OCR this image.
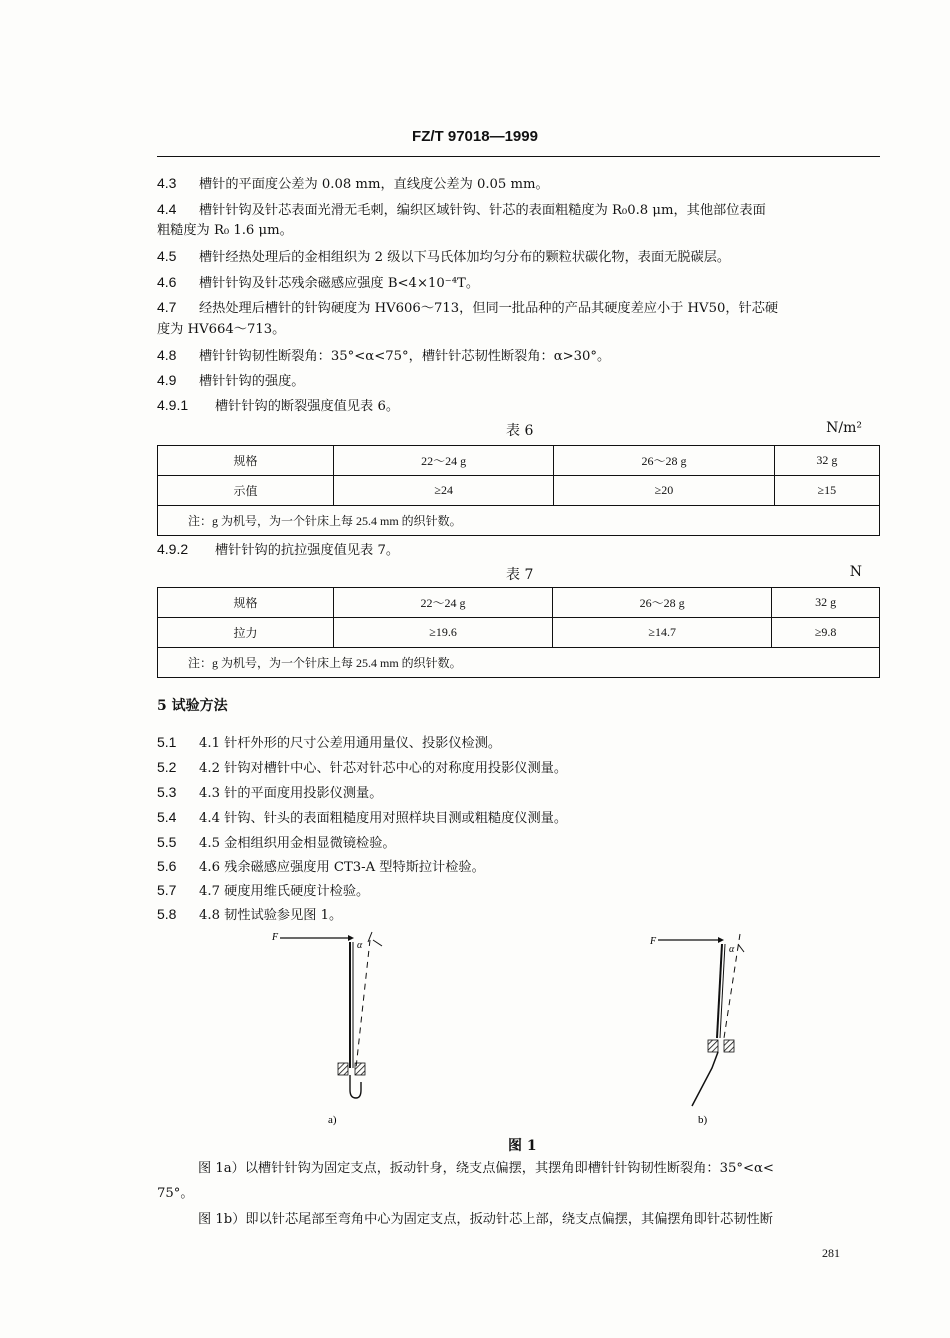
FZ/T 97018—1999
4.3 槽针的平面度公差为 0.08 mm，直线度公差为 0.05 mm。
4.4 槽针针钩及针芯表面光滑无毛刺，编织区域针钩、针芯的表面粗糙度为 R₀0.8 μm，其他部位表面
粗糙度为 R₀ 1.6 μm。
4.5 槽针经热处理后的金相组织为 2 级以下马氏体加均匀分布的颗粒状碳化物，表面无脱碳层。
4.6 槽针针钩及针芯残余磁感应强度 B<4×10⁻⁴T。
4.7 经热处理后槽针的针钩硬度为 HV606～713，但同一批品种的产品其硬度差应小于 HV50，针芯硬
度为 HV664～713。
4.8 槽针针钩韧性断裂角：35°<α<75°，槽针针芯韧性断裂角：α>30°。
4.9 槽针针钩的强度。
4.9.1 槽针针钩的断裂强度值见表 6。
表 6	N/m²
规格	22～24 g	26～28 g	32 g
示值	≥24	≥20	≥15
注：g 为机号，为一个针床上每 25.4 mm 的织针数。			
4.9.2 槽针针钩的抗拉强度值见表 7。
表 7	N
规格	22～24 g	26～28 g	32 g
拉力	≥19.6	≥14.7	≥9.8
注：g 为机号，为一个针床上每 25.4 mm 的织针数。			
5 试验方法
5.1 4.1 针杆外形的尺寸公差用通用量仪、投影仪检测。
5.2 4.2 针钩对槽针中心、针芯对针芯中心的对称度用投影仪测量。
5.3 4.3 针的平面度用投影仪测量。
5.4 4.4 针钩、针头的表面粗糙度用对照样块目测或粗糙度仪测量。
5.5 4.5 金相组织用金相显微镜检验。
5.6 4.6 残余磁感应强度用 CT3-A 型特斯拉计检验。
5.7 4.7 硬度用维氏硬度计检验。
5.8 4.8 韧性试验参见图 1。
F
α
a)
F
α
b)
图 1
图 1a）以槽针针钩为固定支点，扳动针身，绕支点偏摆，其摆角即槽针针钩韧性断裂角：35°<α<
75°。
图 1b）即以针芯尾部至弯角中心为固定支点，扳动针芯上部，绕支点偏摆，其偏摆角即针芯韧性断
281
